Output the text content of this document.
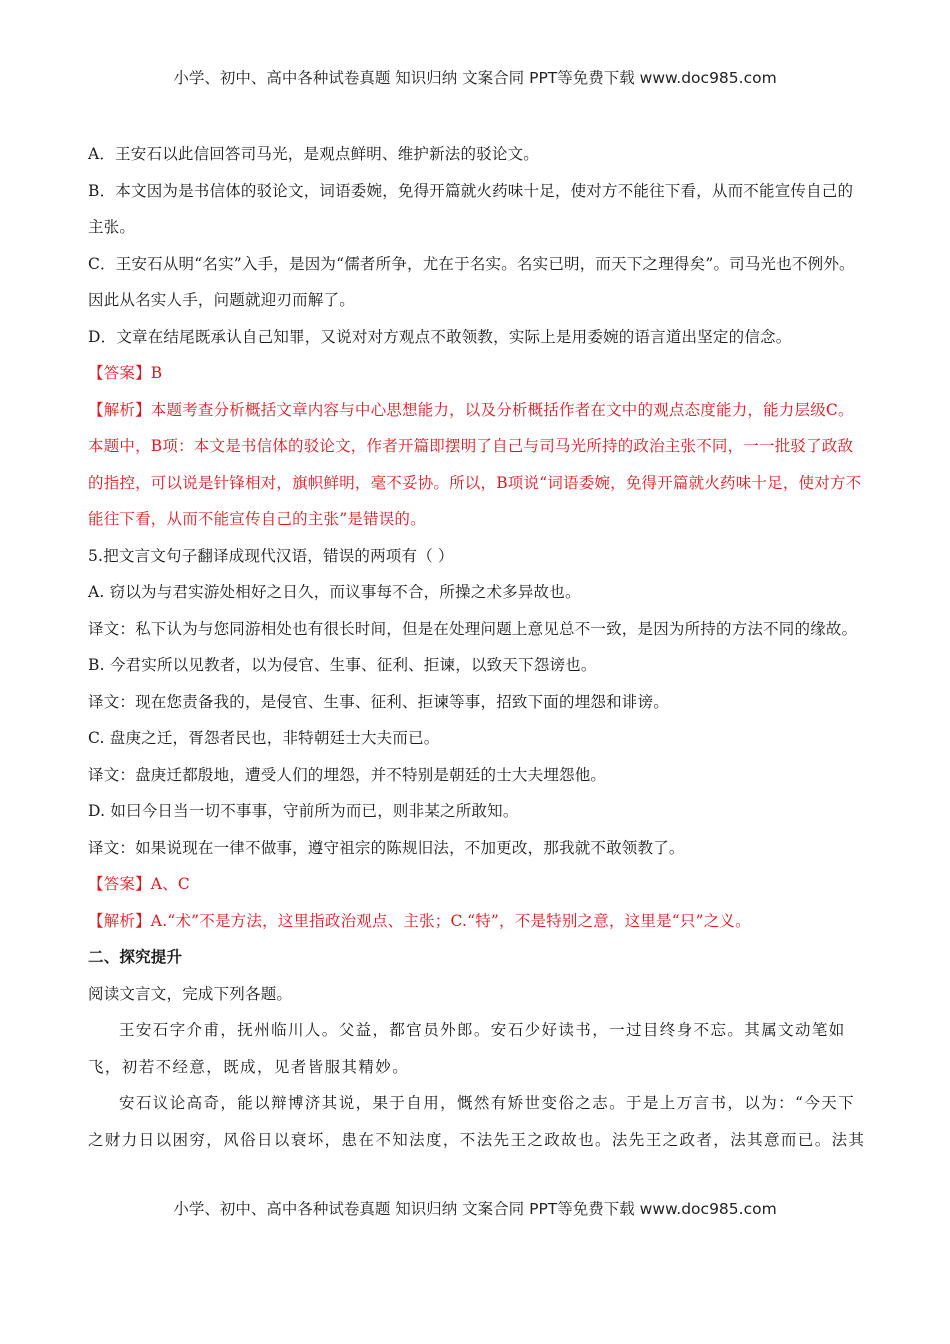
小学、初中、高中各种试卷真题 知识归纳 文案合同 PPT等免费下载 www.doc985.com

A．王安石以此信回答司马光，是观点鲜明、维护新法的驳论文。

B．本文因为是书信体的驳论文，词语委婉，免得开篇就火药味十足，使对方不能往下看，从而不能宣传自己的主张。

C．王安石从明“名实”入手，是因为“儒者所争，尤在于名实。名实已明，而天下之理得矣”。司马光也不例外。因此从名实人手，问题就迎刃而解了。

D．文章在结尾既承认自己知罪，又说对对方观点不敢领教，实际上是用委婉的语言道出坚定的信念。

【答案】B

【解析】本题考查分析概括文章内容与中心思想能力，以及分析概括作者在文中的观点态度能力，能力层级C。本题中，B项：本文是书信体的驳论文，作者开篇即摆明了自己与司马光所持的政治主张不同，一一批驳了政敌的指控，可以说是针锋相对，旗帜鲜明，毫不妥协。所以，B项说“词语委婉，免得开篇就火药味十足，使对方不能往下看，从而不能宣传自己的主张”是错误的。

5.把文言文句子翻译成现代汉语，错误的两项有（ ）

A. 窃以为与君实游处相好之日久，而议事每不合，所操之术多异故也。

译文：私下认为与您同游相处也有很长时间，但是在处理问题上意见总不一致，是因为所持的方法不同的缘故。

B. 今君实所以见教者，以为侵官、生事、征利、拒谏，以致天下怨谤也。

译文：现在您责备我的，是侵官、生事、征利、拒谏等事，招致下面的埋怨和诽谤。

C. 盘庚之迁，胥怨者民也，非特朝廷士大夫而已。

译文：盘庚迁都殷地，遭受人们的埋怨，并不特别是朝廷的士大夫埋怨他。

D. 如曰今日当一切不事事，守前所为而已，则非某之所敢知。

译文：如果说现在一律不做事，遵守祖宗的陈规旧法，不加更改，那我就不敢领教了。

【答案】A、C

【解析】A.“术”不是方法，这里指政治观点、主张；C.“特”，不是特别之意，这里是“只”之义。

二、探究提升

阅读文言文，完成下列各题。

王安石字介甫，抚州临川人。父益，都官员外郎。安石少好读书，一过目终身不忘。其属文动笔如飞，初若不经意，既成，见者皆服其精妙。

安石议论高奇，能以辩博济其说，果于自用，慨然有矫世变俗之志。于是上万言书，以为：“今天下之财力日以困穷，风俗日以衰坏，患在不知法度，不法先王之政故也。法先王之政者，法其意而已。法其

小学、初中、高中各种试卷真题 知识归纳 文案合同 PPT等免费下载 www.doc985.com
